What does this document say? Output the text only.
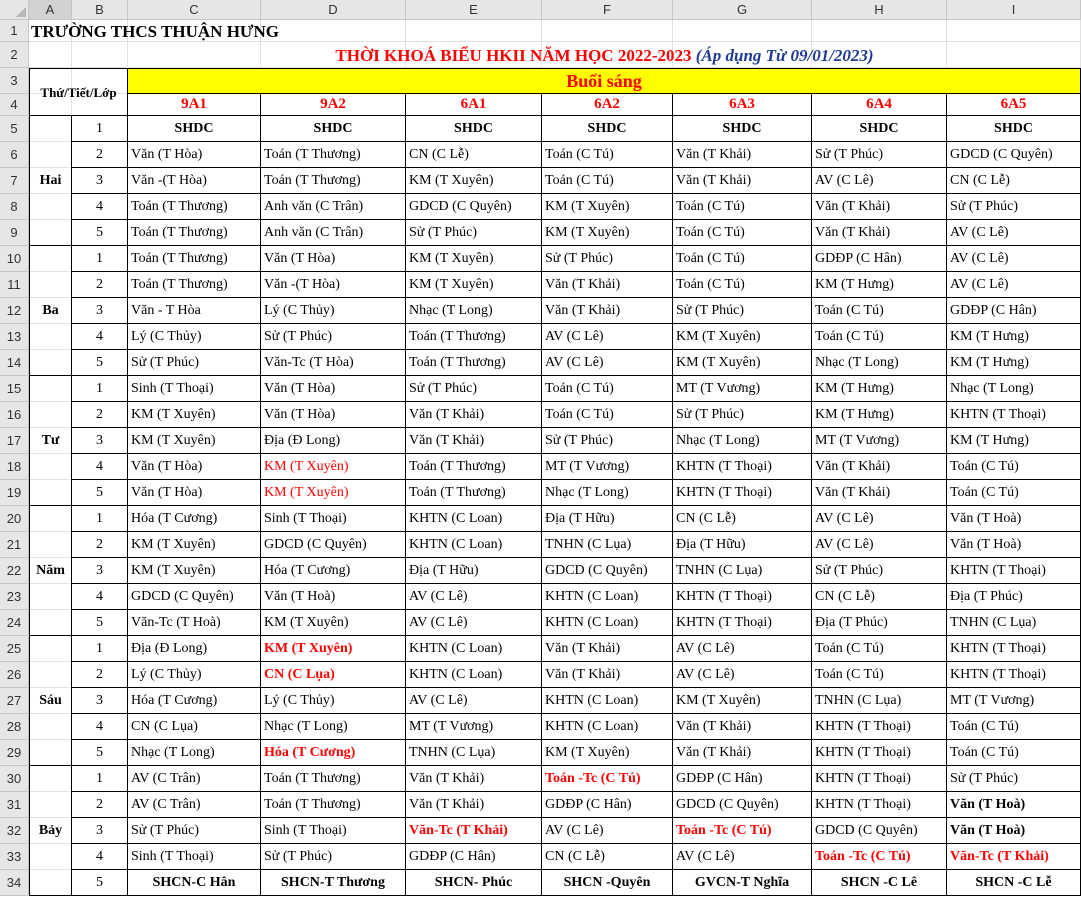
A	B	C	D	E	F	G	H	I
1
2
3
4
5
6
7
8
9
10
11
12
13
14
15
16
17
18
19
20
21
22
23
24
25
26
27
28
29
30
31
32
33
34
TRƯỜNG THCS THUẬN HƯNG
THỜI KHOÁ BIỂU HKII NĂM HỌC 2022-2023
(Áp dụng Từ 09/01/2023)
Thứ/Tiết/Lớp
Buổi sáng
9A1	9A2	6A1	6A2	6A3	6A4	6A5
Hai
1	SHDC	SHDC	SHDC	SHDC	SHDC	SHDC	SHDC
2	Văn (T Hòa)	Toán (T Thương)	CN (C Lễ)	Toán (C Tú)	Văn (T Khải)	Sử (T Phúc)	GDCD (C Quyên)
3	Văn -(T Hòa)	Toán (T Thương)	KM (T Xuyên)	Toán (C Tú)	Văn (T Khải)	AV (C Lê)	CN (C Lễ)
4	Toán (T Thương)	Anh văn (C Trân)	GDCD (C Quyên)	KM (T Xuyên)	Toán (C Tú)	Văn (T Khải)	Sử (T Phúc)
5	Toán (T Thương)	Anh văn (C Trân)	Sử (T Phúc)	KM (T Xuyên)	Toán (C Tú)	Văn (T Khải)	AV (C Lê)
Ba
1	Toán (T Thương)	Văn (T Hòa)	KM (T Xuyên)	Sử (T Phúc)	Toán (C Tú)	GDĐP (C Hân)	AV (C Lê)
2	Toán (T Thương)	Văn -(T Hòa)	KM (T Xuyên)	Văn (T Khải)	Toán (C Tú)	KM (T Hưng)	AV (C Lê)
3	Văn - T Hòa	Lý (C Thủy)	Nhạc (T Long)	Văn (T Khải)	Sử (T Phúc)	Toán (C Tú)	GDĐP (C Hân)
4	Lý (C Thủy)	Sử (T Phúc)	Toán (T Thương)	AV (C Lê)	KM (T Xuyên)	Toán (C Tú)	KM (T Hưng)
5	Sử (T Phúc)	Văn-Tc (T Hòa)	Toán (T Thương)	AV (C Lê)	KM (T Xuyên)	Nhạc (T Long)	KM (T Hưng)
Tư
1	Sinh (T Thoại)	Văn (T Hòa)	Sử (T Phúc)	Toán (C Tú)	MT (T Vương)	KM (T Hưng)	Nhạc (T Long)
2	KM (T Xuyên)	Văn (T Hòa)	Văn (T Khải)	Toán (C Tú)	Sử (T Phúc)	KM (T Hưng)	KHTN (T Thoại)
3	KM (T Xuyên)	Địa (Đ Long)	Văn (T Khải)	Sử (T Phúc)	Nhạc (T Long)	MT (T Vương)	KM (T Hưng)
4	Văn (T Hòa)	KM (T Xuyên)	Toán (T Thương)	MT (T Vương)	KHTN (T Thoại)	Văn (T Khải)	Toán (C Tú)
5	Văn (T Hòa)	KM (T Xuyên)	Toán (T Thương)	Nhạc (T Long)	KHTN (T Thoại)	Văn (T Khải)	Toán (C Tú)
Năm
1	Hóa (T Cương)	Sinh (T Thoại)	KHTN (C Loan)	Địa (T Hữu)	CN (C Lễ)	AV (C Lê)	Văn (T Hoà)
2	KM (T Xuyên)	GDCD (C Quyên)	KHTN (C Loan)	TNHN (C Lụa)	Địa (T Hữu)	AV (C Lê)	Văn (T Hoà)
3	KM (T Xuyên)	Hóa (T Cương)	Địa (T Hữu)	GDCD (C Quyên)	TNHN (C Lụa)	Sử (T Phúc)	KHTN (T Thoại)
4	GDCD (C Quyên)	Văn (T Hoà)	AV (C Lê)	KHTN (C Loan)	KHTN (T Thoại)	CN (C Lễ)	Địa (T Phúc)
5	Văn-Tc (T Hoà)	KM (T Xuyên)	AV (C Lê)	KHTN (C Loan)	KHTN (T Thoại)	Địa (T Phúc)	TNHN (C Lụa)
Sáu
1	Địa (Đ Long)	KM (T Xuyên)	KHTN (C Loan)	Văn (T Khải)	AV (C Lê)	Toán (C Tú)	KHTN (T Thoại)
2	Lý (C Thủy)	CN (C Lụa)	KHTN (C Loan)	Văn (T Khải)	AV (C Lê)	Toán (C Tú)	KHTN (T Thoại)
3	Hóa (T Cương)	Lý (C Thủy)	AV (C Lê)	KHTN (C Loan)	KM (T Xuyên)	TNHN (C Lụa)	MT (T Vương)
4	CN (C Lụa)	Nhạc (T Long)	MT (T Vương)	KHTN (C Loan)	Văn (T Khải)	KHTN (T Thoại)	Toán (C Tú)
5	Nhạc (T Long)	Hóa (T Cương)	TNHN (C Lụa)	KM (T Xuyên)	Văn (T Khải)	KHTN (T Thoại)	Toán (C Tú)
Bảy
1	AV (C Trân)	Toán (T Thương)	Văn (T Khải)	Toán -Tc (C Tú)	GDĐP (C Hân)	KHTN (T Thoại)	Sử (T Phúc)
2	AV (C Trân)	Toán (T Thương)	Văn (T Khải)	GDĐP (C Hân)	GDCD (C Quyên)	KHTN (T Thoại)	Văn (T Hoà)
3	Sử (T Phúc)	Sinh (T Thoại)	Văn-Tc (T Khải)	AV (C Lê)	Toán -Tc (C Tú)	GDCD (C Quyên)	Văn (T Hoà)
4	Sinh (T Thoại)	Sử (T Phúc)	GDĐP (C Hân)	CN (C Lễ)	AV (C Lê)	Toán -Tc (C Tú)	Văn-Tc (T Khải)
5	SHCN-C Hân	SHCN-T Thương	SHCN- Phúc	SHCN -Quyên	GVCN-T Nghĩa	SHCN -C Lê	SHCN -C Lễ
